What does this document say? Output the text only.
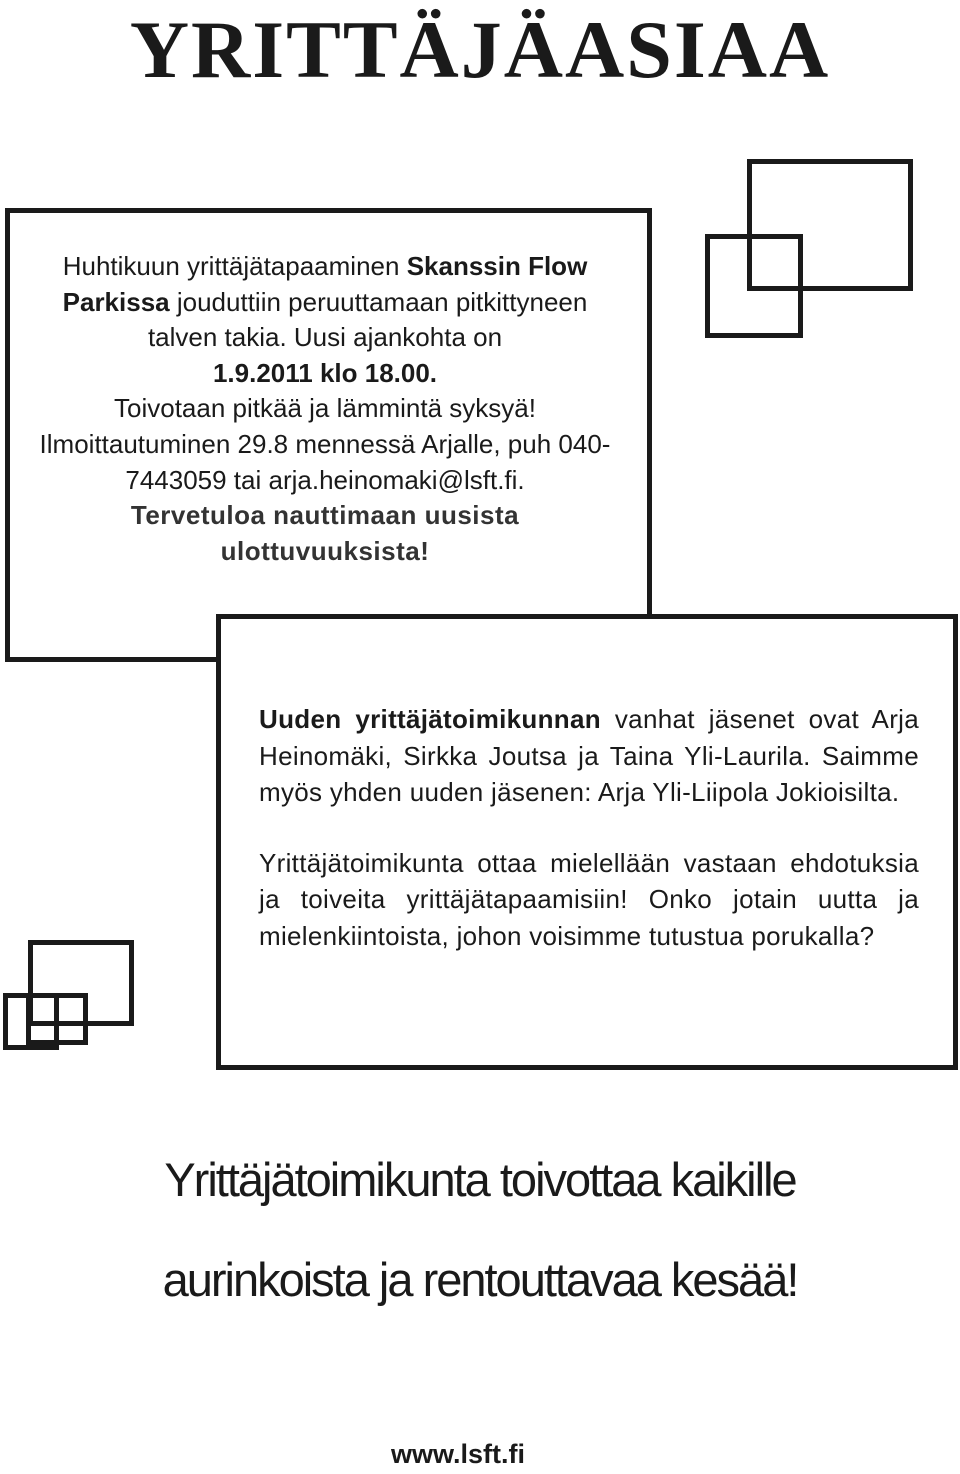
YRITTÄJÄASIAA
Huhtikuun yrittäjätapaaminen Skanssin Flow Parkissa jouduttiin peruuttamaan pitkittyneen talven takia. Uusi ajankohta on
1.9.2011 klo 18.00.
Toivotaan pitkää ja lämmintä syksyä! Ilmoittautuminen 29.8 mennessä Arjalle, puh 040-7443059 tai arja.heinomaki@lsft.fi.
Tervetuloa nauttimaan uusista ulottuvuuksista!

Uuden yrittäjätoimikunnan vanhat jäsenet ovat Arja Heinomäki, Sirkka Joutsa ja Taina Yli-Laurila. Saimme myös yhden uuden jäsenen: Arja Yli-Liipola Jokioisilta.

Yrittäjätoimikunta ottaa mielellään vastaan ehdotuksia ja toiveita yrittäjätapaamisiin! Onko jotain uutta ja mielenkiintoista, johon voisimme tutustua porukalla?

Yrittäjätoimikunta toivottaa kaikille
aurinkoista ja rentouttavaa kesää!
www.lsft.fi
